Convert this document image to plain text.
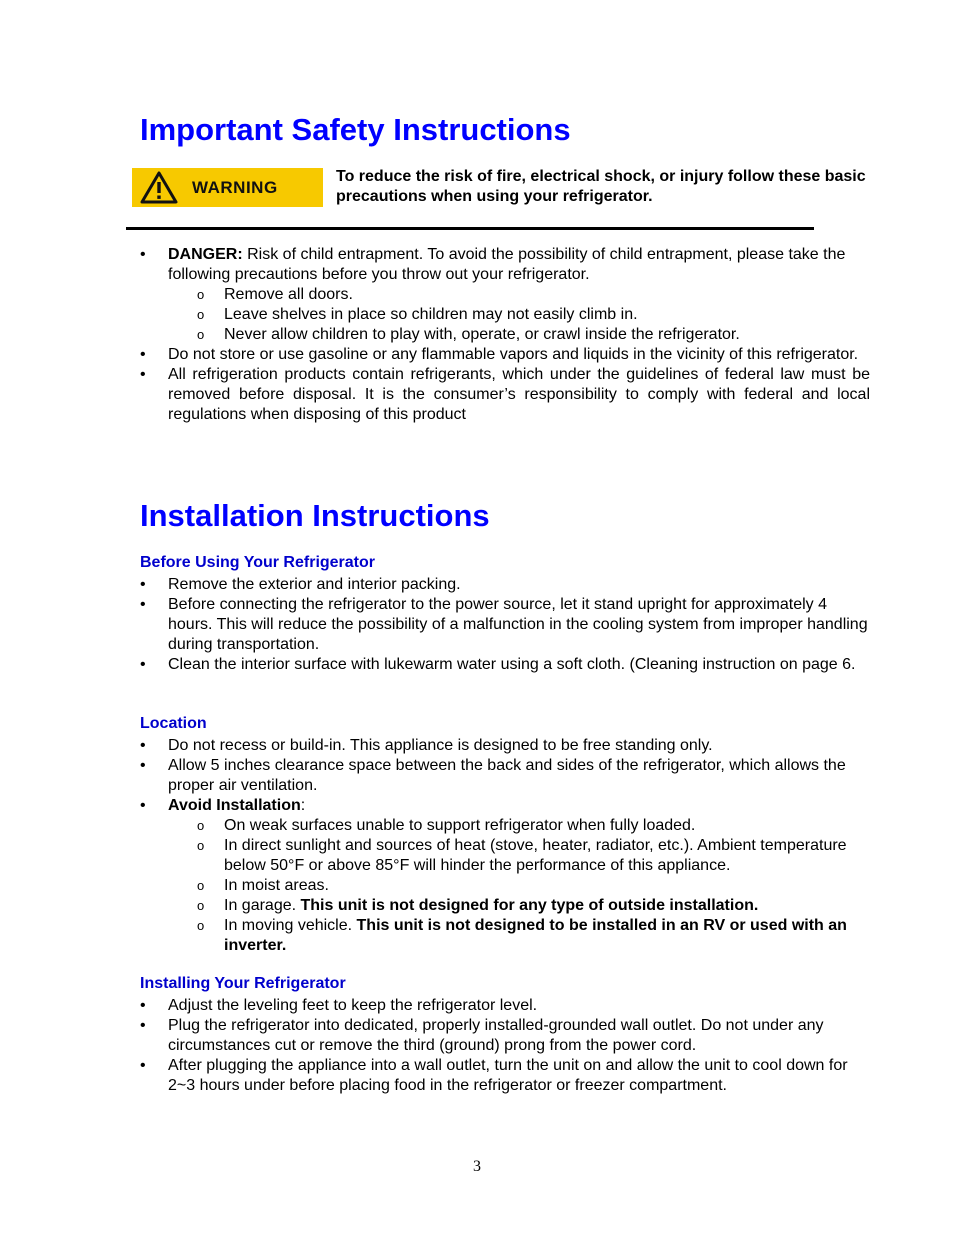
Important Safety Instructions
WARNING
To reduce the risk of fire, electrical shock, or injury follow these basic precautions when using your refrigerator.
• DANGER: Risk of child entrapment. To avoid the possibility of child entrapment, please take the following precautions before you throw out your refrigerator.
o Remove all doors.
o Leave shelves in place so children may not easily climb in.
o Never allow children to play with, operate, or crawl inside the refrigerator.
• Do not store or use gasoline or any flammable vapors and liquids in the vicinity of this refrigerator.
• All refrigeration products contain refrigerants, which under the guidelines of federal law must be removed before disposal. It is the consumer’s responsibility to comply with federal and local regulations when disposing of this product
Installation Instructions
Before Using Your Refrigerator
• Remove the exterior and interior packing.
• Before connecting the refrigerator to the power source, let it stand upright for approximately 4 hours. This will reduce the possibility of a malfunction in the cooling system from improper handling during transportation.
• Clean the interior surface with lukewarm water using a soft cloth. (Cleaning instruction on page 6.
Location
• Do not recess or build-in. This appliance is designed to be free standing only.
• Allow 5 inches clearance space between the back and sides of the refrigerator, which allows the proper air ventilation.
• Avoid Installation:
o On weak surfaces unable to support refrigerator when fully loaded.
o In direct sunlight and sources of heat (stove, heater, radiator, etc.). Ambient temperature below 50°F or above 85°F will hinder the performance of this appliance.
o In moist areas.
o In garage. This unit is not designed for any type of outside installation.
o In moving vehicle. This unit is not designed to be installed in an RV or used with an inverter.
Installing Your Refrigerator
• Adjust the leveling feet to keep the refrigerator level.
• Plug the refrigerator into dedicated, properly installed-grounded wall outlet. Do not under any circumstances cut or remove the third (ground) prong from the power cord.
• After plugging the appliance into a wall outlet, turn the unit on and allow the unit to cool down for 2~3 hours under before placing food in the refrigerator or freezer compartment.
3
